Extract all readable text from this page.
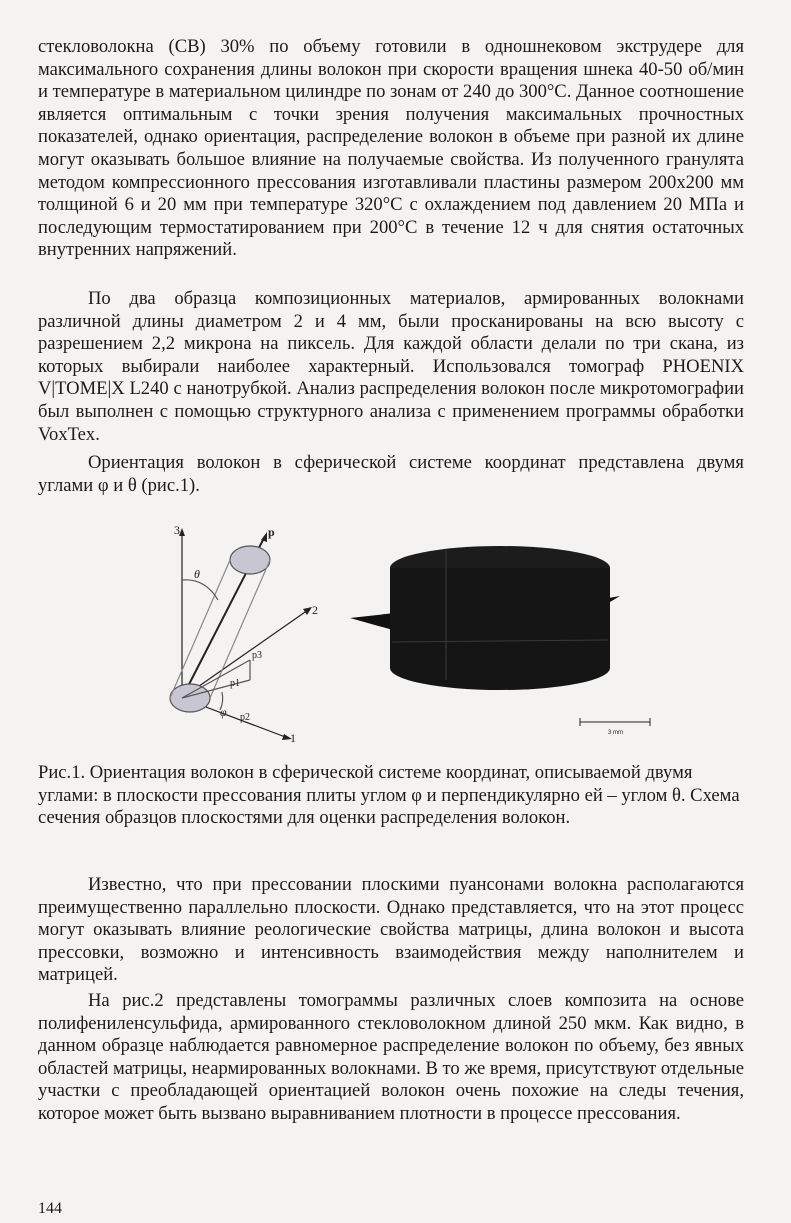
стекловолокна (СВ) 30% по объему готовили в одношнековом экструдере для максимального сохранения длины волокон при скорости вращения шнека 40-50 об/мин и температуре в материальном цилиндре по зонам от 240 до 300°С. Данное соотношение является оптимальным с точки зрения получения максимальных прочностных показателей, однако ориентация, распределение волокон в объеме при разной их длине могут оказывать большое влияние на получаемые свойства. Из полученного гранулята методом компрессионного прессования изготавливали пластины размером 200х200 мм толщиной 6 и 20 мм при температуре 320°С с охлаждением под давлением 20 МПа и последующим термостатированием при 200°С в течение 12 ч для снятия остаточных внутренних напряжений.

По два образца композиционных материалов, армированных волокнами различной длины диаметром 2 и 4 мм, были просканированы на всю высоту с разрешением 2,2 микрона на пиксель. Для каждой области делали по три скана, из которых выбирали наиболее характерный. Использовался томограф PHOENIX V|TOME|X L240 с нанотрубкой. Анализ распределения волокон после микротомографии был выполнен с помощью структурного анализа с применением программы обработки VoxTex.

Ориентация волокон в сферической системе координат представлена двумя углами φ и θ (рис.1).

3
2
1
p
p3
p1
p2
θ
φ
3 mm

Рис.1. Ориентация волокон в сферической системе координат, описываемой двумя углами: в плоскости прессования плиты углом φ и перпендикулярно ей – углом θ. Схема сечения образцов плоскостями для оценки распределения волокон.

Известно, что при прессовании плоскими пуансонами волокна располагаются преимущественно параллельно плоскости. Однако представляется, что на этот процесс могут оказывать влияние реологические свойства матрицы, длина волокон и высота прессовки, возможно и интенсивность взаимодействия между наполнителем и матрицей.

На рис.2 представлены томограммы различных слоев композита на основе полифениленсульфида, армированного стекловолокном длиной 250 мкм. Как видно, в данном образце наблюдается равномерное распределение волокон по объему, без явных областей матрицы, неармированных волокнами. В то же время, присутствуют отдельные участки с преобладающей ориентацией волокон очень похожие на следы течения, которое может быть вызвано выравниванием плотности в процессе прессования.

144
